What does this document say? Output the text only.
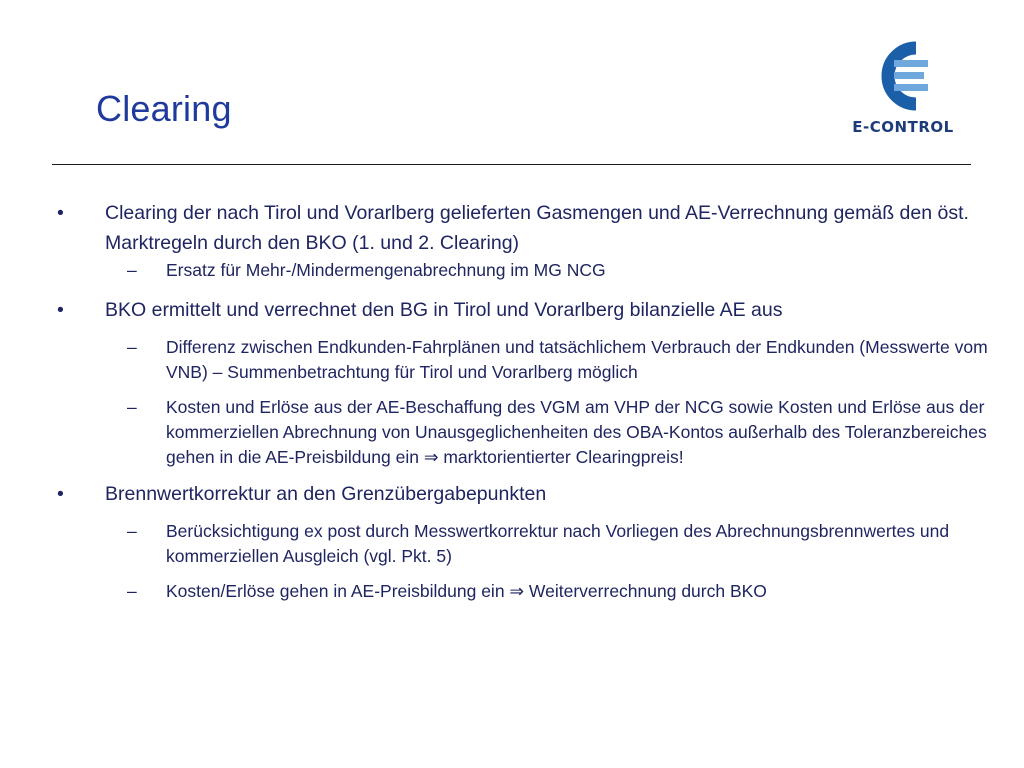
Clearing	E-CONTROL
• Clearing der nach Tirol und Vorarlberg gelieferten Gasmengen und AE-Verrechnung gemäß den öst. Marktregeln durch den BKO (1. und 2. Clearing)
– Ersatz für Mehr-/Mindermengenabrechnung im MG NCG
• BKO ermittelt und verrechnet den BG in Tirol und Vorarlberg bilanzielle AE aus
– Differenz zwischen Endkunden-Fahrplänen und tatsächlichem Verbrauch der Endkunden (Messwerte vom VNB) – Summenbetrachtung für Tirol und Vorarlberg möglich
– Kosten und Erlöse aus der AE-Beschaffung des VGM am VHP der NCG sowie Kosten und Erlöse aus der kommerziellen Abrechnung von Unausgeglichenheiten des OBA-Kontos außerhalb des Toleranzbereiches gehen in die AE-Preisbildung ein ⇒ marktorientierter Clearingpreis!
• Brennwertkorrektur an den Grenzübergabepunkten
– Berücksichtigung ex post durch Messwertkorrektur nach Vorliegen des Abrechnungsbrennwertes und kommerziellen Ausgleich (vgl. Pkt. 5)
– Kosten/Erlöse gehen in AE-Preisbildung ein ⇒ Weiterverrechnung durch BKO
